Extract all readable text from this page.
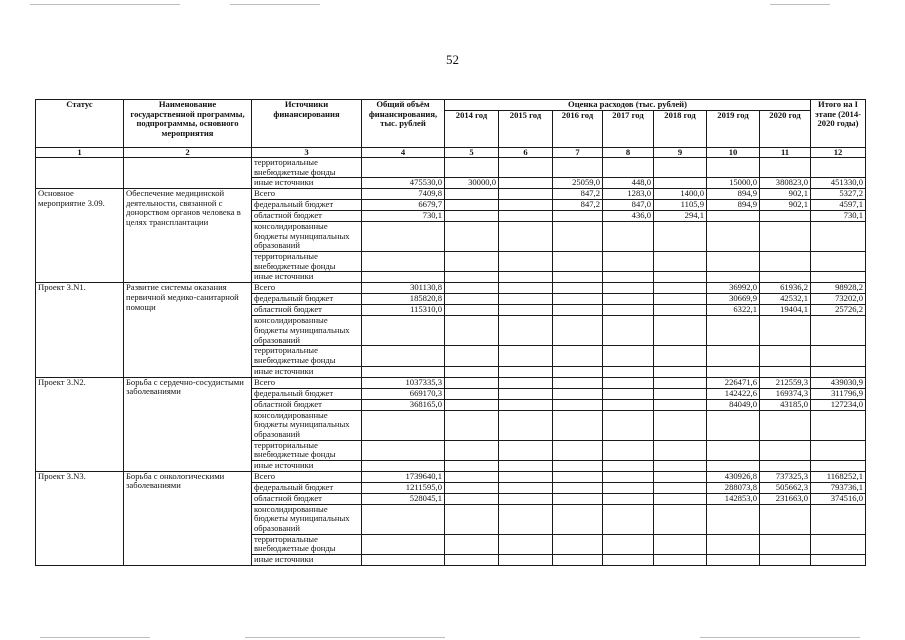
52
Статус	Наименование государственной программы, подпрограммы, основного мероприятия	Источники финансирования	Общий объём финансирования, тыс. рублей	Оценка расходов (тыс. рублей)							Итого на I этапе (2014-2020 годы)
				2014 год	2015 год	2016 год	2017 год	2018 год	2019 год	2020 год	
1	2	3	4	5	6	7	8	9	10	11	12
		территориальные внебюджетные фонды									
		иные источники	475530,0	30000,0		25059,0	448,0		15000,0	380823,0	451330,0
Основное мероприятие 3.09.	Обеспечение медицинской деятельности, связанной с донорством органов человека в целях трансплантации	Всего	7409,8			847,2	1283,0	1400,0	894,9	902,1	5327,2
		федеральный бюджет	6679,7			847,2	847,0	1105,9	894,9	902,1	4597,1
		областной бюджет	730,1				436,0	294,1			730,1
		консолидированные бюджеты муниципальных образований									
		территориальные внебюджетные фонды									
		иные источники									
Проект 3.N1.	Развитие системы оказания первичной медико-санитарной помощи	Всего	301130,8						36992,0	61936,2	98928,2
		федеральный бюджет	185820,8						30669,9	42532,1	73202,0
		областной бюджет	115310,0						6322,1	19404,1	25726,2
		консолидированные бюджеты муниципальных образований									
		территориальные внебюджетные фонды									
		иные источники									
Проект 3.N2.	Борьба с сердечно-сосудистыми заболеваниями	Всего	1037335,3						226471,6	212559,3	439030,9
		федеральный бюджет	669170,3						142422,6	169374,3	311796,9
		областной бюджет	368165,0						84049,0	43185,0	127234,0
		консолидированные бюджеты муниципальных образований									
		территориальные внебюджетные фонды									
		иные источники									
Проект 3.N3.	Борьба с онкологическими заболеваниями	Всего	1739640,1						430926,8	737325,3	1168252,1
		федеральный бюджет	1211595,0						288073,8	505662,3	793736,1
		областной бюджет	528045,1						142853,0	231663,0	374516,0
		консолидированные бюджеты муниципальных образований									
		территориальные внебюджетные фонды									
		иные источники									
